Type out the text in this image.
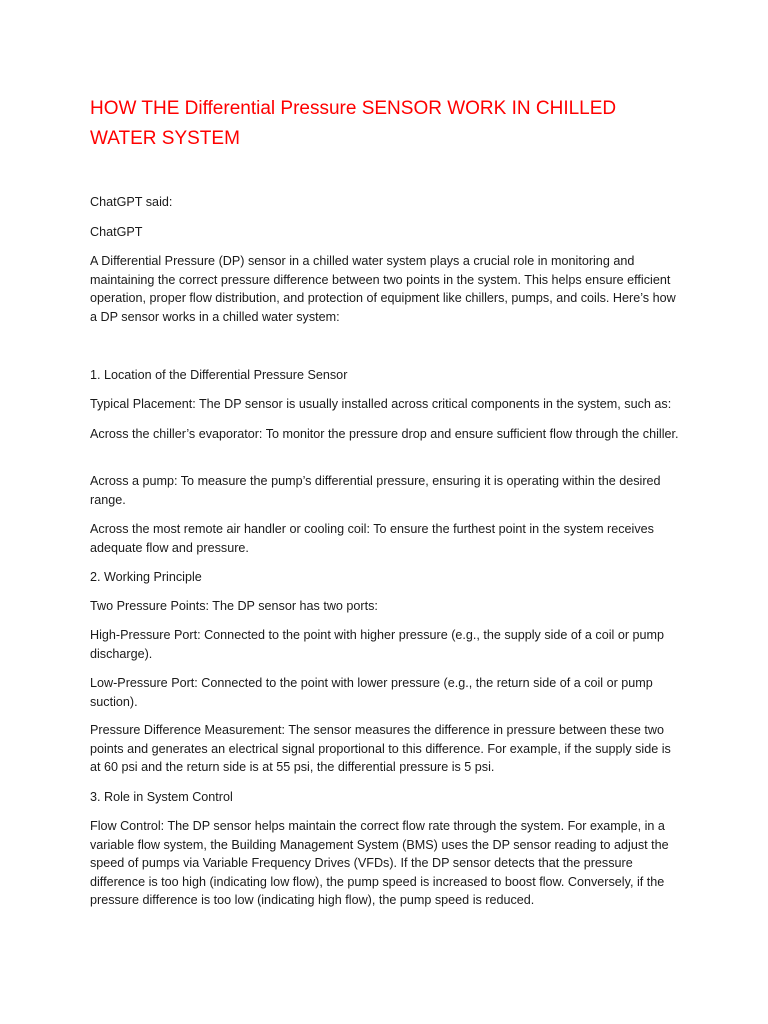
HOW THE Differential Pressure SENSOR WORK IN CHILLED WATER SYSTEM

ChatGPT said:

ChatGPT

A Differential Pressure (DP) sensor in a chilled water system plays a crucial role in monitoring and maintaining the correct pressure difference between two points in the system. This helps ensure efficient operation, proper flow distribution, and protection of equipment like chillers, pumps, and coils. Here’s how a DP sensor works in a chilled water system:

1. Location of the Differential Pressure Sensor

Typical Placement: The DP sensor is usually installed across critical components in the system, such as:

Across the chiller’s evaporator: To monitor the pressure drop and ensure sufficient flow through the chiller.

Across a pump: To measure the pump’s differential pressure, ensuring it is operating within the desired range.

Across the most remote air handler or cooling coil: To ensure the furthest point in the system receives adequate flow and pressure.

2. Working Principle

Two Pressure Points: The DP sensor has two ports:

High-Pressure Port: Connected to the point with higher pressure (e.g., the supply side of a coil or pump discharge).

Low-Pressure Port: Connected to the point with lower pressure (e.g., the return side of a coil or pump suction).

Pressure Difference Measurement: The sensor measures the difference in pressure between these two points and generates an electrical signal proportional to this difference. For example, if the supply side is at 60 psi and the return side is at 55 psi, the differential pressure is 5 psi.

3. Role in System Control

Flow Control: The DP sensor helps maintain the correct flow rate through the system. For example, in a variable flow system, the Building Management System (BMS) uses the DP sensor reading to adjust the speed of pumps via Variable Frequency Drives (VFDs). If the DP sensor detects that the pressure difference is too high (indicating low flow), the pump speed is increased to boost flow. Conversely, if the pressure difference is too low (indicating high flow), the pump speed is reduced.
